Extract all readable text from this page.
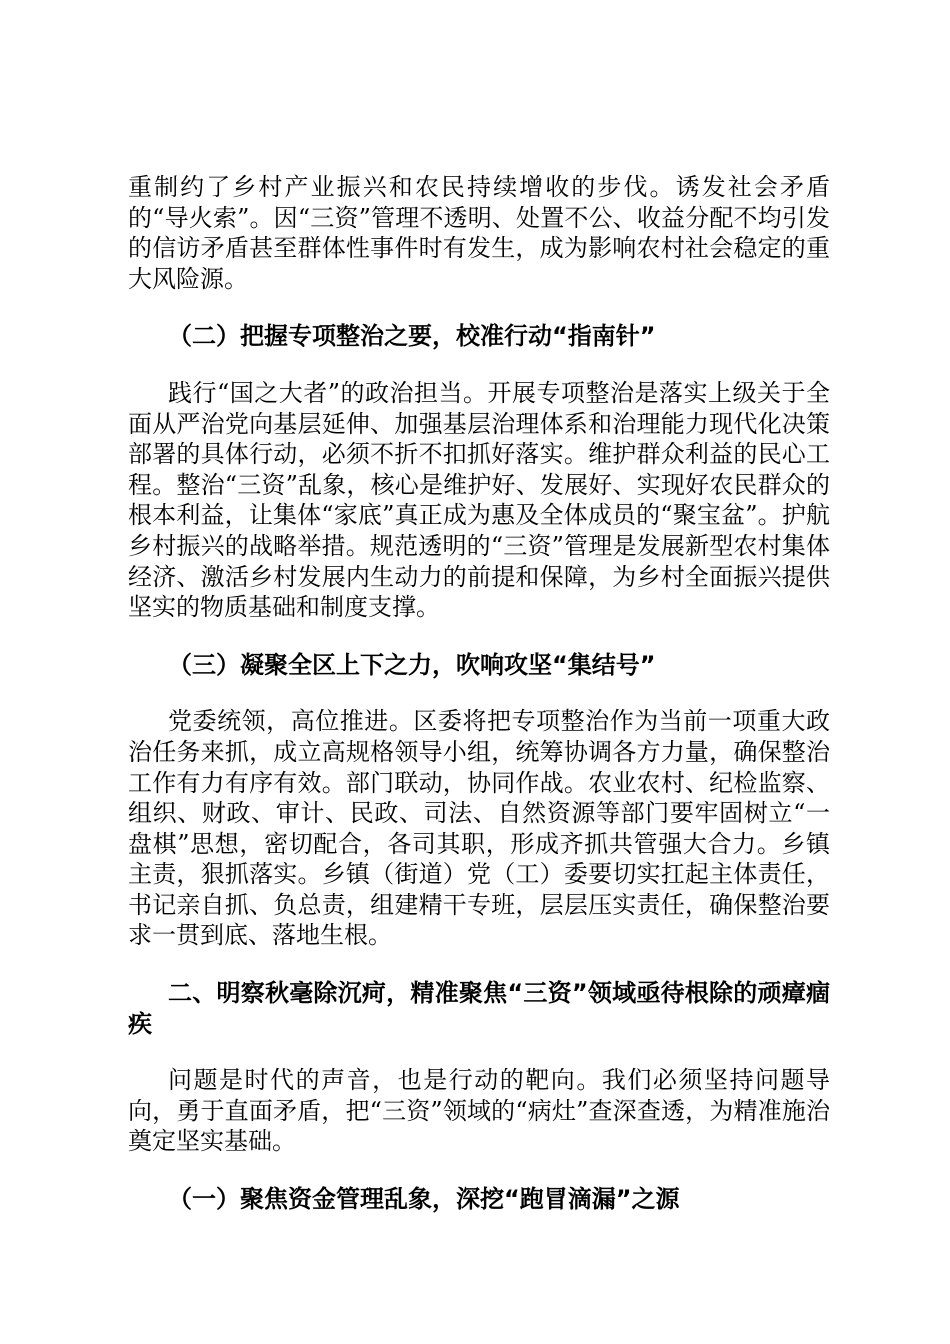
重制约了乡村产业振兴和农民持续增收的步伐。诱发社会矛盾的“导火索”。因“三资”管理不透明、处置不公、收益分配不均引发的信访矛盾甚至群体性事件时有发生，成为影响农村社会稳定的重大风险源。

（二）把握专项整治之要，校准行动“指南针”

践行“国之大者”的政治担当。开展专项整治是落实上级关于全面从严治党向基层延伸、加强基层治理体系和治理能力现代化决策部署的具体行动，必须不折不扣抓好落实。维护群众利益的民心工程。整治“三资”乱象，核心是维护好、发展好、实现好农民群众的根本利益，让集体“家底”真正成为惠及全体成员的“聚宝盆”。护航乡村振兴的战略举措。规范透明的“三资”管理是发展新型农村集体经济、激活乡村发展内生动力的前提和保障，为乡村全面振兴提供坚实的物质基础和制度支撑。

（三）凝聚全区上下之力，吹响攻坚“集结号”

党委统领，高位推进。区委将把专项整治作为当前一项重大政治任务来抓，成立高规格领导小组，统筹协调各方力量，确保整治工作有力有序有效。部门联动，协同作战。农业农村、纪检监察、组织、财政、审计、民政、司法、自然资源等部门要牢固树立“一盘棋”思想，密切配合，各司其职，形成齐抓共管强大合力。乡镇主责，狠抓落实。乡镇（街道）党（工）委要切实扛起主体责任，书记亲自抓、负总责，组建精干专班，层层压实责任，确保整治要求一贯到底、落地生根。

二、明察秋毫除沉疴，精准聚焦“三资”领域亟待根除的顽瘴痼疾

问题是时代的声音，也是行动的靶向。我们必须坚持问题导向，勇于直面矛盾，把“三资”领域的“病灶”查深查透，为精准施治奠定坚实基础。

（一）聚焦资金管理乱象，深挖“跑冒滴漏”之源
